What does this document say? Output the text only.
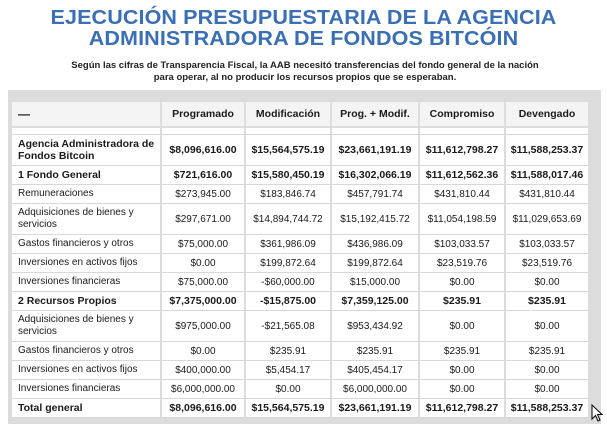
EJECUCIÓN PRESUPUESTARIA DE LA AGENCIA
ADMINISTRADORA DE FONDOS BITCÓIN
Según las cifras de Transparencia Fiscal, la AAB necesitó transferencias del fondo general de la nación
para operar, al no producir los recursos propios que se esperaban.
—	Programado	Modificación	Prog. + Modif.	Compromiso	Devengado

Agencia Administradora de Fondos Bitcoin	$8,096,616.00	$15,564,575.19	$23,661,191.19	$11,612,798.27	$11,588,253.37
1 Fondo General	$721,616.00	$15,580,450.19	$16,302,066.19	$11,612,562.36	$11,588,017.46
Remuneraciones	$273,945.00	$183,846.74	$457,791.74	$431,810.44	$431,810.44
Adquisiciones de bienes y servicios	$297,671.00	$14,894,744.72	$15,192,415.72	$11,054,198.59	$11,029,653.69
Gastos financieros y otros	$75,000.00	$361,986.09	$436,986.09	$103,033.57	$103,033.57
Inversiones en activos fijos	$0.00	$199,872.64	$199,872.64	$23,519.76	$23,519.76
Inversiones financieras	$75,000.00	-$60,000.00	$15,000.00	$0.00	$0.00
2 Recursos Propios	$7,375,000.00	-$15,875.00	$7,359,125.00	$235.91	$235.91
Adquisiciones de bienes y servicios	$975,000.00	-$21,565.08	$953,434.92	$0.00	$0.00
Gastos financieros y otros	$0.00	$235.91	$235.91	$235.91	$235.91
Inversiones en activos fijos	$400,000.00	$5,454.17	$405,454.17	$0.00	$0.00
Inversiones financieras	$6,000,000.00	$0.00	$6,000,000.00	$0.00	$0.00
Total general	$8,096,616.00	$15,564,575.19	$23,661,191.19	$11,612,798.27	$11,588,253.37
